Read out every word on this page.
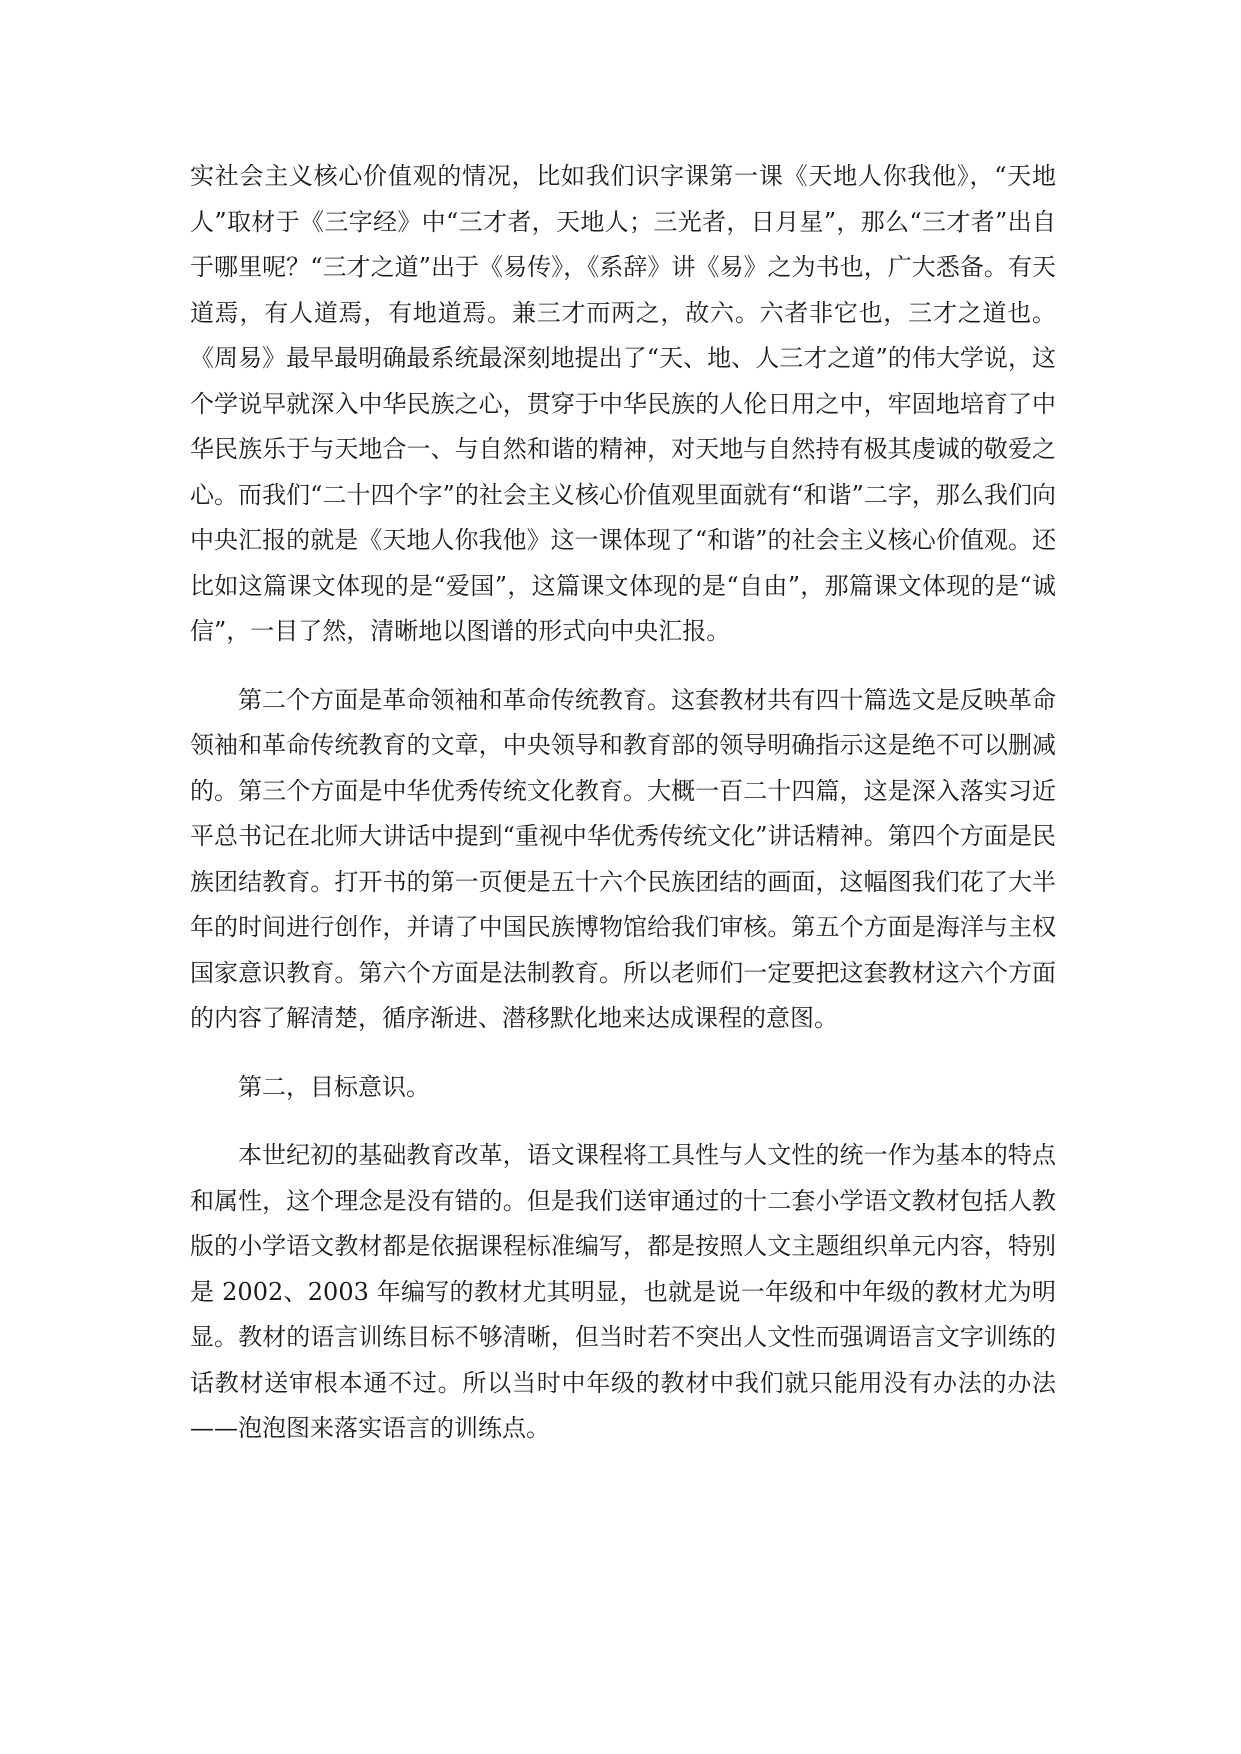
实社会主义核心价值观的情况，比如我们识字课第一课《天地人你我他》，“天地人”取材于《三字经》中“三才者，天地人；三光者，日月星”，那么“三才者”出自于哪里呢？“三才之道”出于《易传》，《系辞》讲《易》之为书也，广大悉备。有天道焉，有人道焉，有地道焉。兼三才而两之，故六。六者非它也，三才之道也。《周易》最早最明确最系统最深刻地提出了“天、地、人三才之道”的伟大学说，这个学说早就深入中华民族之心，贯穿于中华民族的人伦日用之中，牢固地培育了中华民族乐于与天地合一、与自然和谐的精神，对天地与自然持有极其虔诚的敬爱之心。而我们“二十四个字”的社会主义核心价值观里面就有“和谐”二字，那么我们向中央汇报的就是《天地人你我他》这一课体现了“和谐”的社会主义核心价值观。还比如这篇课文体现的是“爱国”，这篇课文体现的是“自由”，那篇课文体现的是“诚信”，一目了然，清晰地以图谱的形式向中央汇报。

第二个方面是革命领袖和革命传统教育。这套教材共有四十篇选文是反映革命领袖和革命传统教育的文章，中央领导和教育部的领导明确指示这是绝不可以删减的。第三个方面是中华优秀传统文化教育。大概一百二十四篇，这是深入落实习近平总书记在北师大讲话中提到“重视中华优秀传统文化”讲话精神。第四个方面是民族团结教育。打开书的第一页便是五十六个民族团结的画面，这幅图我们花了大半年的时间进行创作，并请了中国民族博物馆给我们审核。第五个方面是海洋与主权国家意识教育。第六个方面是法制教育。所以老师们一定要把这套教材这六个方面的内容了解清楚，循序渐进、潜移默化地来达成课程的意图。

第二，目标意识。

本世纪初的基础教育改革，语文课程将工具性与人文性的统一作为基本的特点和属性，这个理念是没有错的。但是我们送审通过的十二套小学语文教材包括人教版的小学语文教材都是依据课程标准编写，都是按照人文主题组织单元内容，特别是 2002、2003 年编写的教材尤其明显，也就是说一年级和中年级的教材尤为明显。教材的语言训练目标不够清晰，但当时若不突出人文性而强调语言文字训练的话教材送审根本通不过。所以当时中年级的教材中我们就只能用没有办法的办法——泡泡图来落实语言的训练点。
